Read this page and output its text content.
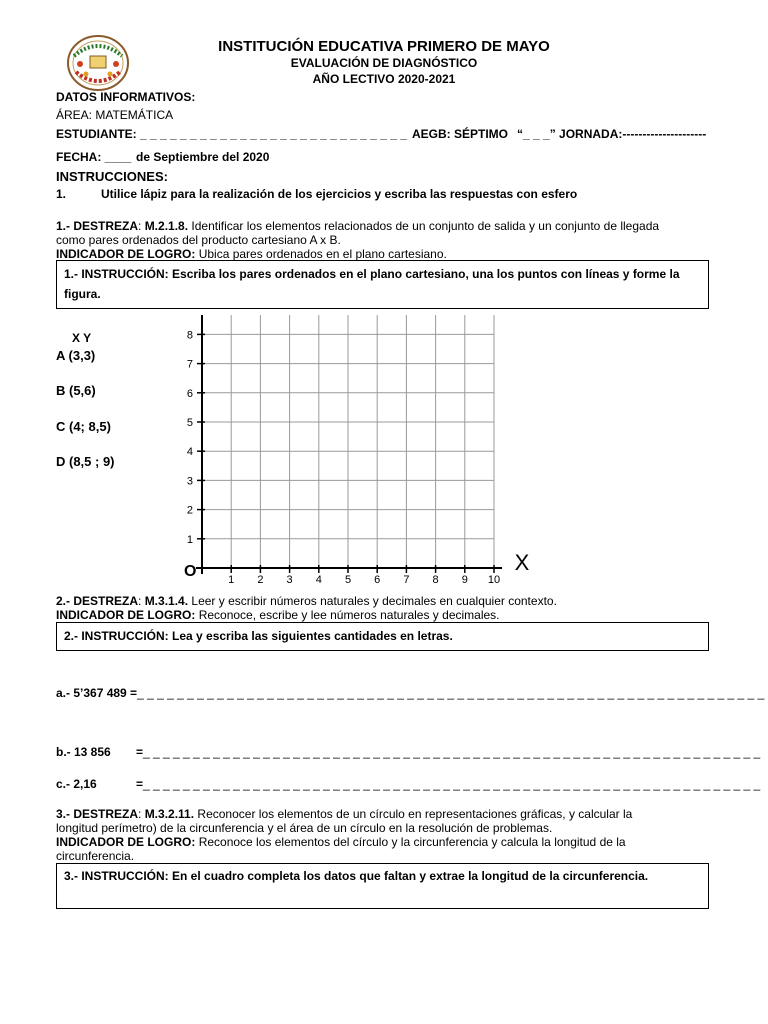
INSTITUCIÓN EDUCATIVA PRIMERO DE MAYO
EVALUACIÓN DE DIAGNÓSTICO
AÑO LECTIVO 2020-2021
DATOS INFORMATIVOS:
ÁREA: MATEMÁTICA
ESTUDIANTE: _ _ _ _ _ _ _ _ _ _ _ _ _ _ _ _ _ _ _ _ _ _ _ _ _ _ _ AEGB: SÉPTIMO “_ _ _” JORNADA:---------------------
FECHA: ____ de Septiembre del 2020
INSTRUCCIONES:
1.	Utilice lápiz para la realización de los ejercicios y escriba las respuestas con esfero
1.- DESTREZA: M.2.1.8. Identificar los elementos relacionados de un conjunto de salida y un conjunto de llegada
como pares ordenados del producto cartesiano A x B.
INDICADOR DE LOGRO: Ubica pares ordenados en el plano cartesiano.
1.- INSTRUCCIÓN: Escriba los pares ordenados en el plano cartesiano, una los puntos con líneas y forme la
figura.
X Y
A (3,3)
B (5,6)
C (4; 8,5)
D (8,5 ; 9)
1 2 3 4 5 6 7 8 9 10
1
2
3
4
5
6
7
8
O	X
2.- DESTREZA: M.3.1.4. Leer y escribir números naturales y decimales en cualquier contexto.
INDICADOR DE LOGRO: Reconoce, escribe y lee números naturales y decimales.
2.- INSTRUCCIÓN: Lea y escriba las siguientes cantidades en letras.
a.- 5’367 489 =_ _ _ _ _ _ _ _ _ _ _ _ _ _ _ _ _ _ _ _ _ _ _ _ _ _ _ _ _ _ _ _ _ _ _ _ _ _ _ _ _ _ _ _ _ _ _ _ _ _ _ _ _ _ _ _ _ _ _ _ _ _ _
b.- 13 856 =_ _ _ _ _ _ _ _ _ _ _ _ _ _ _ _ _ _ _ _ _ _ _ _ _ _ _ _ _ _ _ _ _ _ _ _ _ _ _ _ _ _ _ _ _ _ _ _ _ _ _ _ _ _ _ _ _ _ _ _ _ _
c.- 2,16	=_ _ _ _ _ _ _ _ _ _ _ _ _ _ _ _ _ _ _ _ _ _ _ _ _ _ _ _ _ _ _ _ _ _ _ _ _ _ _ _ _ _ _ _ _ _ _ _ _ _ _ _ _ _ _ _ _ _ _ _ _ _
3.- DESTREZA: M.3.2.11. Reconocer los elementos de un círculo en representaciones gráficas, y calcular la
longitud perímetro) de la circunferencia y el área de un círculo en la resolución de problemas.
INDICADOR DE LOGRO: Reconoce los elementos del círculo y la circunferencia y calcula la longitud de la
circunferencia.
3.- INSTRUCCIÓN: En el cuadro completa los datos que faltan y extrae la longitud de la circunferencia.
